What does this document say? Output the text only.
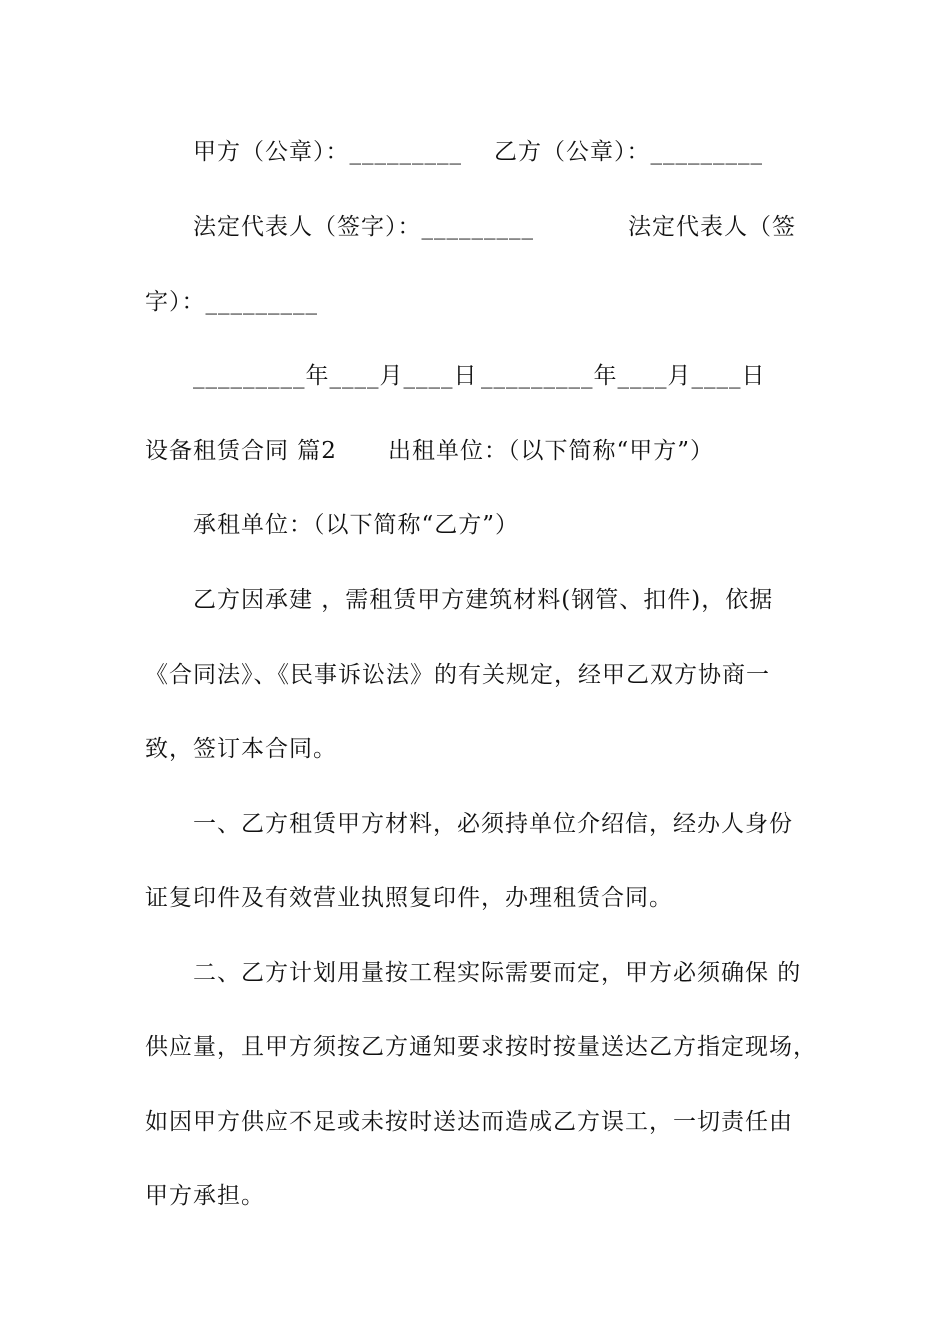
甲方（公章）：_________ 乙方（公章）：_________
法定代表人（签字）：_________	法定代表人（签
字）：_________
_________年____月____日 _________年____月____日
设备租赁合同 篇2 出租单位：（以下简称“甲方”）
承租单位：（以下简称“乙方”）
乙方因承建 ，需租赁甲方建筑材料(钢管、扣件)，依据
《合同法》、《民事诉讼法》的有关规定，经甲乙双方协商一
致，签订本合同。
一、乙方租赁甲方材料，必须持单位介绍信，经办人身份
证复印件及有效营业执照复印件，办理租赁合同。
二、乙方计划用量按工程实际需要而定，甲方必须确保 的
供应量，且甲方须按乙方通知要求按时按量送达乙方指定现场，
如因甲方供应不足或未按时送达而造成乙方误工，一切责任由
甲方承担。
